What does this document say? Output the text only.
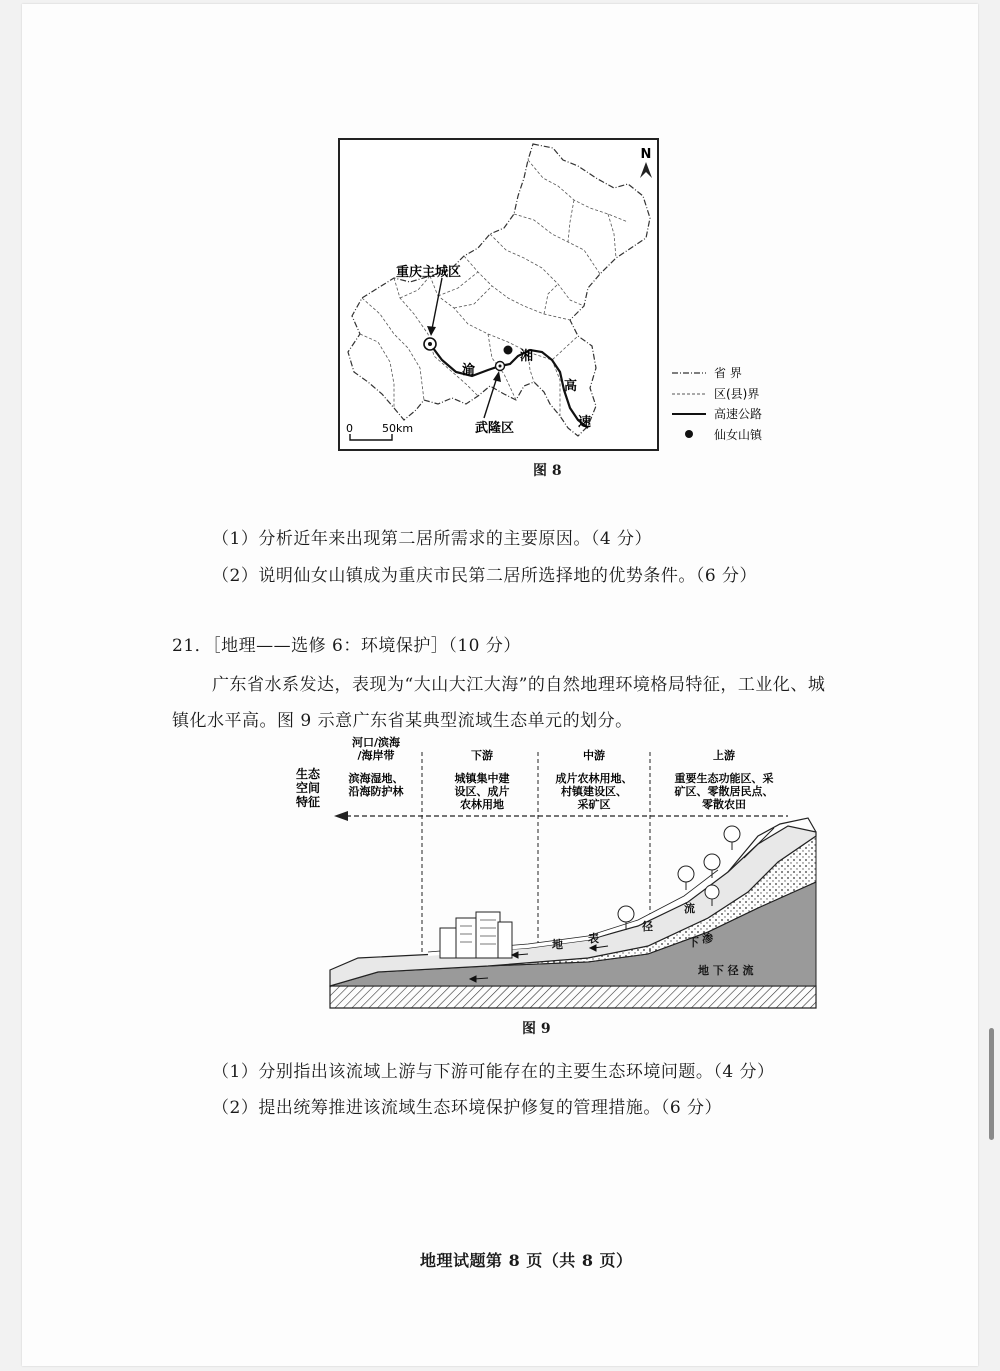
N
重庆主城区
武隆区
渝
湘
高
速
0	50km
省 界
区(县)界
高速公路
仙女山镇
图 8
（1）分析近年来出现第二居所需求的主要原因。（4 分）
（2）说明仙女山镇成为重庆市民第二居所选择地的优势条件。（6 分）
21．［地理——选修 6：环境保护］（10 分）
广东省水系发达，表现为“大山大江大海”的自然地理环境格局特征，工业化、城
镇化水平高。图 9 示意广东省某典型流域生态单元的划分。
生态
空间
特征
河口/滨海
/海岸带
滨海湿地、
沿海防护林
下游
城镇集中建
设区、成片
农林用地
中游
成片农林用地、
村镇建设区、
采矿区
上游
重要生态功能区、采
矿区、零散居民点、
零散农田
地 表
径
流
下 渗
地 下 径 流
图 9
（1）分别指出该流域上游与下游可能存在的主要生态环境问题。（4 分）
（2）提出统筹推进该流域生态环境保护修复的管理措施。（6 分）
地理试题第 8 页（共 8 页）
